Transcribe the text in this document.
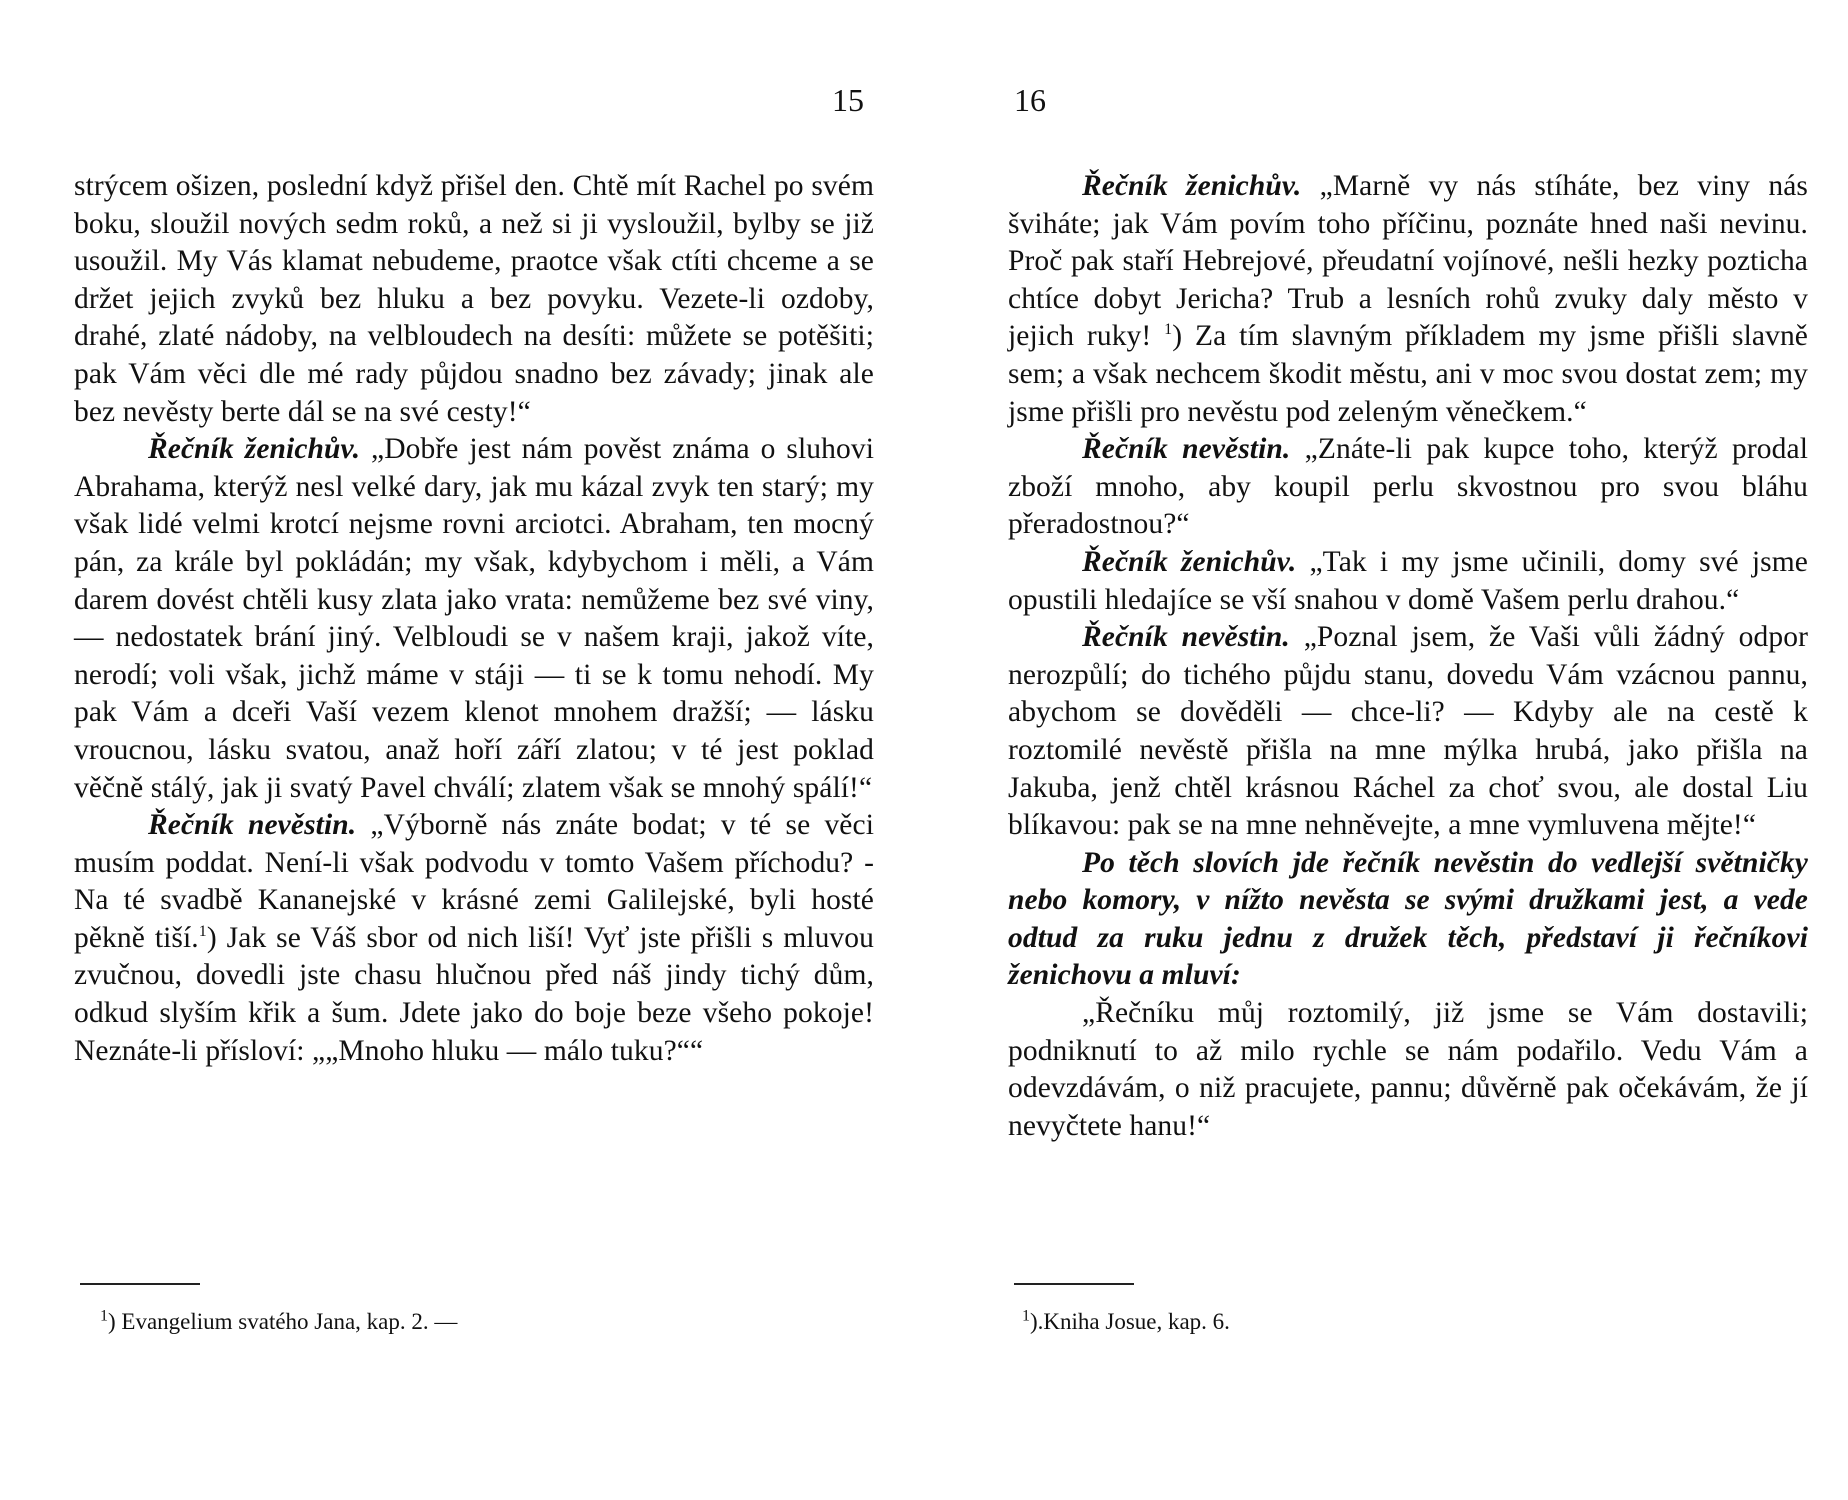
15

strýcem ošizen, poslední když přišel den. Chtě mít Rachel po svém boku, sloužil nových sedm roků, a než si ji vysloužil, bylby se již usoužil. My Vás klamat nebudeme, praotce však ctíti chceme a se držet jejich zvyků bez hluku a bez povyku. Vezete-li ozdoby, drahé, zlaté nádoby, na velbloudech na desíti: můžete se potěšiti; pak Vám věci dle mé rady půjdou snadno bez závady; jinak ale bez nevěsty berte dál se na své cesty!“

Řečník ženichův. „Dobře jest nám pověst známa o sluhovi Abrahama, kterýž nesl velké dary, jak mu kázal zvyk ten starý; my však lidé velmi krotcí nejsme rovni arciotci. Abraham, ten mocný pán, za krále byl pokládán; my však, kdybychom i měli, a Vám darem dovést chtěli kusy zlata jako vrata: nemůžeme bez své viny, — nedostatek brání jiný. Velbloudi se v našem kraji, jakož víte, nerodí; voli však, jichž máme v stáji — ti se k tomu nehodí. My pak Vám a dceři Vaší vezem klenot mnohem dražší; — lásku vroucnou, lásku svatou, anaž hoří září zlatou; v té jest poklad věčně stálý, jak ji svatý Pavel chválí; zlatem však se mnohý spálí!“

Řečník nevěstin. „Výborně nás znáte bodat; v té se věci musím poddat. Není-li však podvodu v tomto Vašem příchodu? - Na té svadbě Kananejské v krásné zemi Galilejské, byli hosté pěkně tiší.$^1$) Jak se Váš sbor od nich liší! Vyť jste přišli s mluvou zvučnou, dovedli jste chasu hlučnou před náš jindy tichý dům, odkud slyším křik a šum. Jdete jako do boje beze všeho pokoje! Neznáte-li přísloví: „„Mnoho hluku — málo tuku?““

$^1$) Evangelium svatého Jana, kap. 2. —
16

Řečník ženichův. „Marně vy nás stíháte, bez viny nás šviháte; jak Vám povím toho příčinu, poznáte hned naši nevinu. Proč pak staří Hebrejové, přeudatní vojínové, nešli hezky pozticha chtíce dobyt Jericha? Trub a lesních rohů zvuky daly město v jejich ruky! $^1$) Za tím slavným příkladem my jsme přišli slavně sem; a však nechcem škodit městu, ani v moc svou dostat zem; my jsme přišli pro nevěstu pod zeleným věnečkem.“

Řečník nevěstin. „Znáte-li pak kupce toho, kterýž prodal zboží mnoho, aby koupil perlu skvostnou pro svou bláhu přeradostnou?“

Řečník ženichův. „Tak i my jsme učinili, domy své jsme opustili hledajíce se vší snahou v domě Vašem perlu drahou.“

Řečník nevěstin. „Poznal jsem, že Vaši vůli žádný odpor nerozpůlí; do tichého půjdu stanu, dovedu Vám vzácnou pannu, abychom se dověděli — chce-li? — Kdyby ale na cestě k roztomilé nevěstě přišla na mne mýlka hrubá, jako přišla na Jakuba, jenž chtěl krásnou Ráchel za choť svou, ale dostal Liu blíkavou: pak se na mne nehněvejte, a mne vymluvena mějte!“

Po těch slovích jde řečník nevěstin do vedlejší světničky nebo komory, v nížto nevěsta se svými družkami jest, a vede odtud za ruku jednu z družek těch, představí ji řečníkovi ženichovu a mluví:

„Řečníku můj roztomilý, již jsme se Vám dostavili; podniknutí to až milo rychle se nám podařilo. Vedu Vám a odevzdávám, o niž pracujete, pannu; důvěrně pak očekávám, že jí nevyčtete hanu!“

$^1$).Kniha Josue, kap. 6.
